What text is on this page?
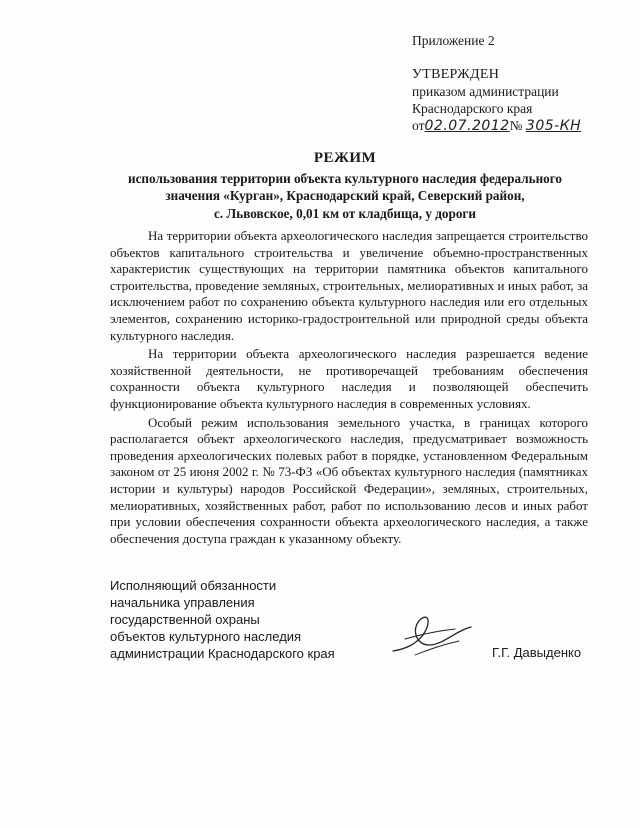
Приложение 2
УТВЕРЖДЕН
приказом администрации
Краснодарского края
от02.07.2012№ 305-КН
РЕЖИМ
использования территории объекта культурного наследия федерального
значения «Курган», Краснодарский край, Северский район,
с. Львовское, 0,01 км от кладбища, у дороги

На территории объекта археологического наследия запрещается строительство объектов капитального строительства и увеличение объемно-пространственных характеристик существующих на территории памятника объектов капитального строительства, проведение земляных, строительных, мелиоративных и иных работ, за исключением работ по сохранению объекта культурного наследия или его отдельных элементов, сохранению историко-градостроительной или природной среды объекта культурного наследия.

На территории объекта археологического наследия разрешается ведение хозяйственной деятельности, не противоречащей требованиям обеспечения сохранности объекта культурного наследия и позволяющей обеспечить функционирование объекта культурного наследия в современных условиях.

Особый режим использования земельного участка, в границах которого располагается объект археологического наследия, предусматривает возможность проведения археологических полевых работ в порядке, установленном Федеральным законом от 25 июня 2002 г. № 73-ФЗ «Об объектах культурного наследия (памятниках истории и культуры) народов Российской Федерации», земляных, строительных, мелиоративных, хозяйственных работ, работ по использованию лесов и иных работ при условии обеспечения сохранности объекта археологического наследия, а также обеспечения доступа граждан к указанному объекту.

Исполняющий обязанности
начальника управления
государственной охраны
объектов культурного наследия
администрации Краснодарского края	Г.Г. Давыденко
